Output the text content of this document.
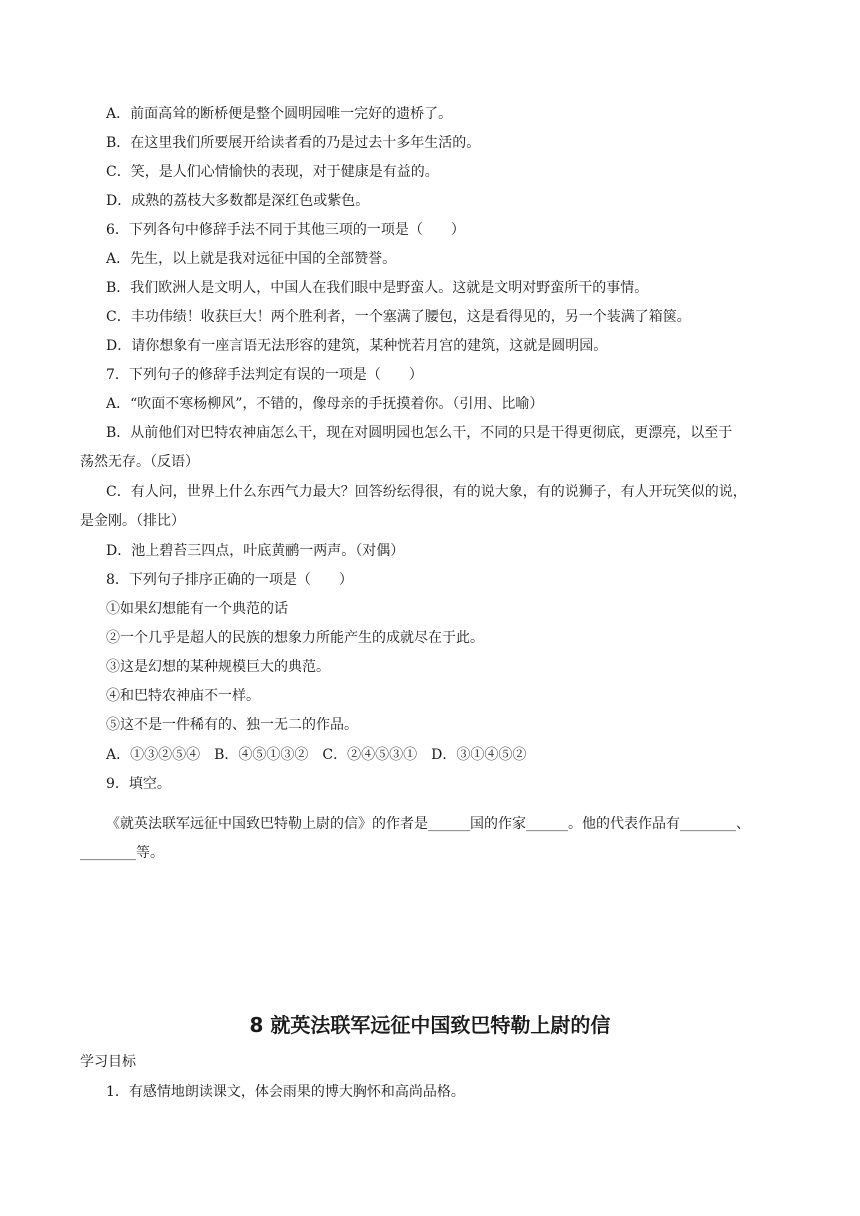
A．前面高耸的断桥便是整个圆明园唯一完好的遗桥了。
B．在这里我们所要展开给读者看的乃是过去十多年生活的。
C．笑，是人们心情愉快的表现，对于健康是有益的。
D．成熟的荔枝大多数都是深红色或紫色。
6．下列各句中修辞手法不同于其他三项的一项是（　　）
A．先生，以上就是我对远征中国的全部赞誉。
B．我们欧洲人是文明人，中国人在我们眼中是野蛮人。这就是文明对野蛮所干的事情。
C．丰功伟绩！收获巨大！两个胜利者，一个塞满了腰包，这是看得见的，另一个装满了箱箧。
D．请你想象有一座言语无法形容的建筑，某种恍若月宫的建筑，这就是圆明园。
7．下列句子的修辞手法判定有误的一项是（　　）
A．“吹面不寒杨柳风”，不错的，像母亲的手抚摸着你。（引用、比喻）
B．从前他们对巴特农神庙怎么干，现在对圆明园也怎么干，不同的只是干得更彻底，更漂亮，以至于
荡然无存。（反语）
C．有人问，世界上什么东西气力最大？回答纷纭得很，有的说大象，有的说狮子，有人开玩笑似的说，
是金刚。（排比）
D．池上碧苔三四点，叶底黄鹂一两声。（对偶）
8．下列句子排序正确的一项是（　　）
①如果幻想能有一个典范的话
②一个几乎是超人的民族的想象力所能产生的成就尽在于此。
③这是幻想的某种规模巨大的典范。
④和巴特农神庙不一样。
⑤这不是一件稀有的、独一无二的作品。
A．①③②⑤④　B．④⑤①③②　C．②④⑤③①　D．③①④⑤②
9．填空。
《就英法联军远征中国致巴特勒上尉的信》的作者是______国的作家______。他的代表作品有________、
________等。
8 就英法联军远征中国致巴特勒上尉的信
学习目标
1．有感情地朗读课文，体会雨果的博大胸怀和高尚品格。
